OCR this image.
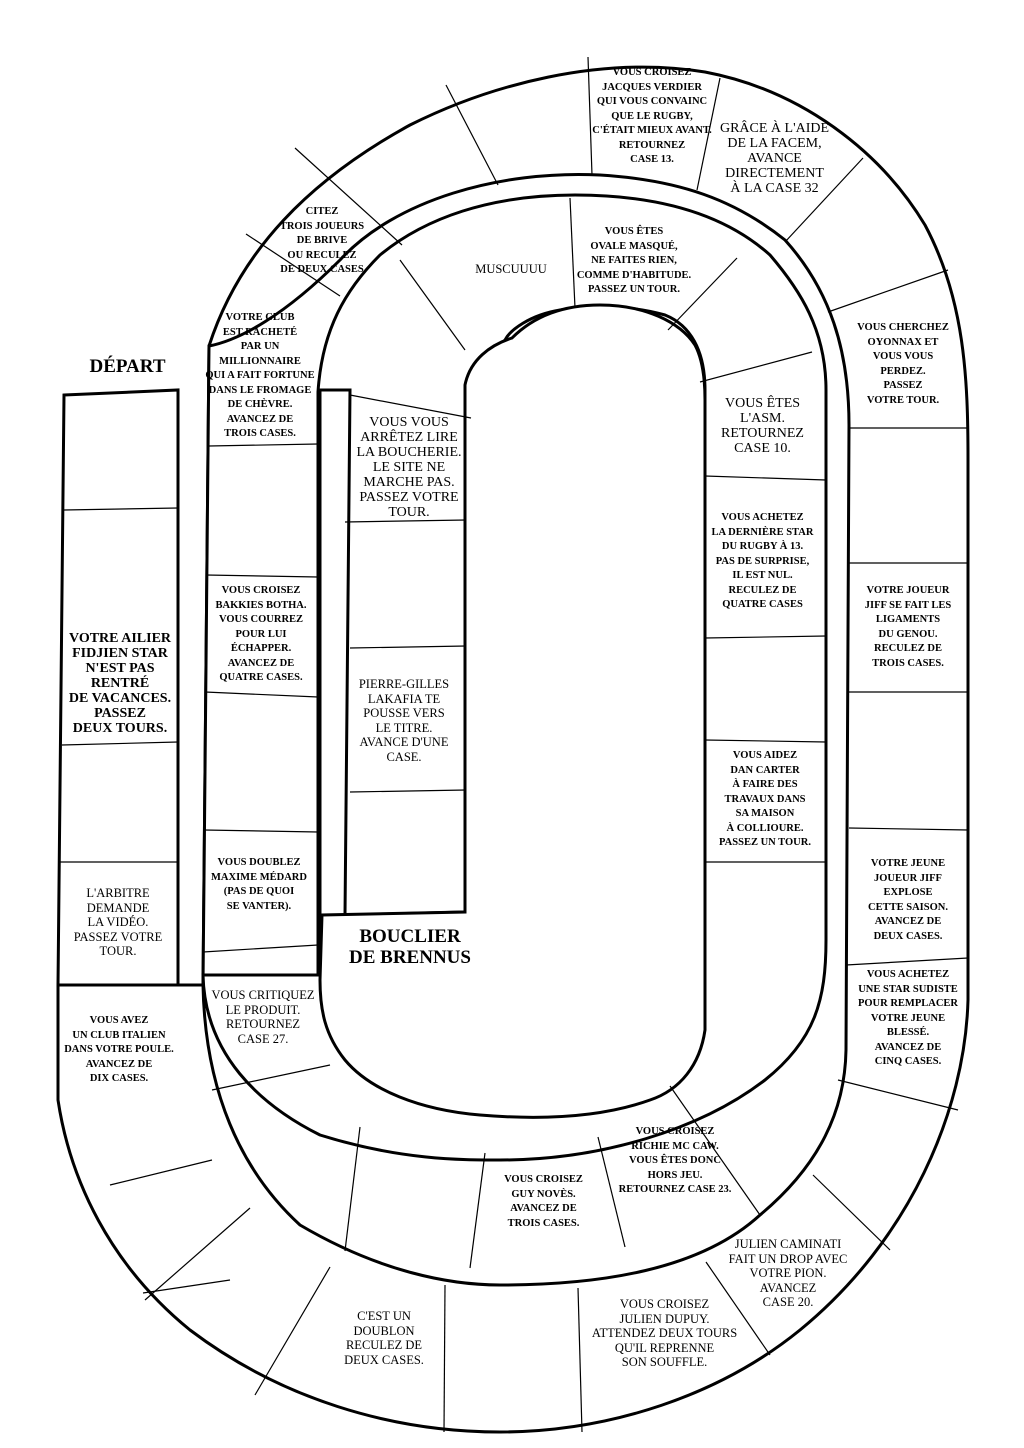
DÉPART
BOUCLIER
DE BRENNUS
VOUS CROISEZ
JACQUES VERDIER
QUI VOUS CONVAINC
QUE LE RUGBY,
C'ÉTAIT MIEUX AVANT.
RETOURNEZ
CASE 13.
GRÂCE À L'AIDE
DE LA FACEM,
AVANCE
DIRECTEMENT
À LA CASE 32
VOUS ÊTES
OVALE MASQUÉ,
NE FAITES RIEN,
COMME D'HABITUDE.
PASSEZ UN TOUR.
MUSCUUUU
CITEZ
TROIS JOUEURS
DE BRIVE
OU RECULEZ
DE DEUX CASES
VOTRE CLUB
EST RACHETÉ
PAR UN
MILLIONNAIRE
QUI A FAIT FORTUNE
DANS LE FROMAGE
DE CHÈVRE.
AVANCEZ DE
TROIS CASES.
VOUS CHERCHEZ
OYONNAX ET
VOUS VOUS
PERDEZ.
PASSEZ
VOTRE TOUR.
VOUS ÊTES
L'ASM.
RETOURNEZ
CASE 10.
VOUS VOUS
ARRÊTEZ LIRE
LA BOUCHERIE.
LE SITE NE
MARCHE PAS.
PASSEZ VOTRE
TOUR.	VOUS ACHETEZ
LA DERNIÈRE STAR
DU RUGBY À 13.
PAS DE SURPRISE,
IL EST NUL.
RECULEZ DE
QUATRE CASES
VOTRE JOUEUR
JIFF SE FAIT LES
LIGAMENTS
DU GENOU.
RECULEZ DE
TROIS CASES.
VOUS CROISEZ
BAKKIES BOTHA.
VOUS COURREZ
POUR LUI
ÉCHAPPER.
AVANCEZ DE
QUATRE CASES.
VOTRE AILIER
FIDJIEN STAR
N'EST PAS
RENTRÉ
DE VACANCES.
PASSEZ
DEUX TOURS.
PIERRE-GILLES
LAKAFIA TE
POUSSE VERS
LE TITRE.
AVANCE D'UNE
CASE.	VOUS AIDEZ
DAN CARTER
À FAIRE DES
TRAVAUX DANS
SA MAISON
À COLLIOURE.
PASSEZ UN TOUR.
VOUS DOUBLEZ
MAXIME MÉDARD
(PAS DE QUOI
SE VANTER).
L'ARBITRE
DEMANDE
LA VIDÉO.
PASSEZ VOTRE
TOUR.
VOTRE JEUNE
JOUEUR JIFF
EXPLOSE
CETTE SAISON.
AVANCEZ DE
DEUX CASES.
VOUS ACHETEZ
UNE STAR SUDISTE
POUR REMPLACER
VOTRE JEUNE
BLESSÉ.
AVANCEZ DE
CINQ CASES.
VOUS CRITIQUEZ
LE PRODUIT.
RETOURNEZ
CASE 27.
VOUS AVEZ
UN CLUB ITALIEN
DANS VOTRE POULE.
AVANCEZ DE
DIX CASES.
VOUS CROISEZ
RICHIE MC CAW.
VOUS ÊTES DONC
HORS JEU.
RETOURNEZ CASE 23.
VOUS CROISEZ
GUY NOVÈS.
AVANCEZ DE
TROIS CASES.
JULIEN CAMINATI
FAIT UN DROP AVEC
VOTRE PION.
AVANCEZ
CASE 20.
VOUS CROISEZ
JULIEN DUPUY.
ATTENDEZ DEUX TOURS
QU'IL REPRENNE
SON SOUFFLE.
C'EST UN
DOUBLON
RECULEZ DE
DEUX CASES.
